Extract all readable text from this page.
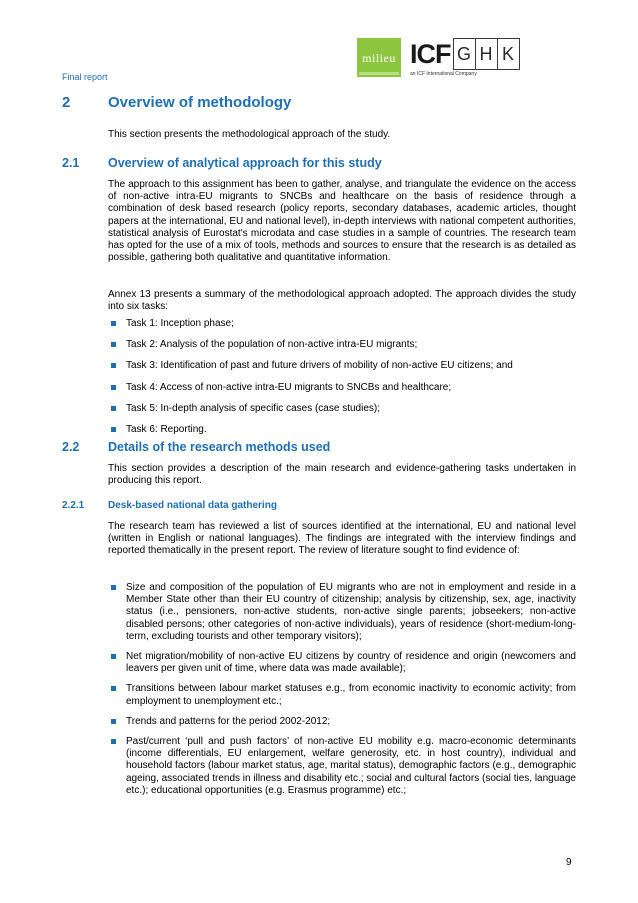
Final report
milieu ICF G H K
an ICF International Company
2	Overview of methodology
This section presents the methodological approach of the study.
2.1 Overview of analytical approach for this study
The approach to this assignment has been to gather, analyse, and triangulate the evidence on the access of non-active intra-EU migrants to SNCBs and healthcare on the basis of residence through a combination of desk based research (policy reports, secondary databases, academic articles, thought papers at the international, EU and national level), in-depth interviews with national competent authorities, statistical analysis of Eurostat's microdata and case studies in a sample of countries. The research team has opted for the use of a mix of tools, methods and sources to ensure that the research is as detailed as possible, gathering both qualitative and quantitative information.
Annex 13 presents a summary of the methodological approach adopted. The approach divides the study into six tasks:
Task 1: Inception phase;
Task 2: Analysis of the population of non-active intra-EU migrants;
Task 3: Identification of past and future drivers of mobility of non-active EU citizens; and
Task 4: Access of non-active intra-EU migrants to SNCBs and healthcare;
Task 5: In-depth analysis of specific cases (case studies);
Task 6: Reporting.
2.2 Details of the research methods used
This section provides a description of the main research and evidence-gathering tasks undertaken in producing this report.
2.2.1 Desk-based national data gathering
The research team has reviewed a list of sources identified at the international, EU and national level (written in English or national languages). The findings are integrated with the interview findings and reported thematically in the present report. The review of literature sought to find evidence of:
Size and composition of the population of EU migrants who are not in employment and reside in a Member State other than their EU country of citizenship; analysis by citizenship, sex, age, inactivity status (i.e., pensioners, non-active students, non-active single parents; jobseekers; non-active disabled persons; other categories of non-active individuals), years of residence (short-medium-long-term, excluding tourists and other temporary visitors);
Net migration/mobility of non-active EU citizens by country of residence and origin (newcomers and leavers per given unit of time, where data was made available);
Transitions between labour market statuses e.g., from economic inactivity to economic activity; from employment to unemployment etc.;
Trends and patterns for the period 2002-2012;
Past/current ‘pull and push factors’ of non-active EU mobility e.g. macro-economic determinants (income differentials, EU enlargement, welfare generosity, etc. in host country), individual and household factors (labour market status, age, marital status), demographic factors (e.g., demographic ageing, associated trends in illness and disability etc.; social and cultural factors (social ties, language etc.); educational opportunities (e.g. Erasmus programme) etc.;
9
